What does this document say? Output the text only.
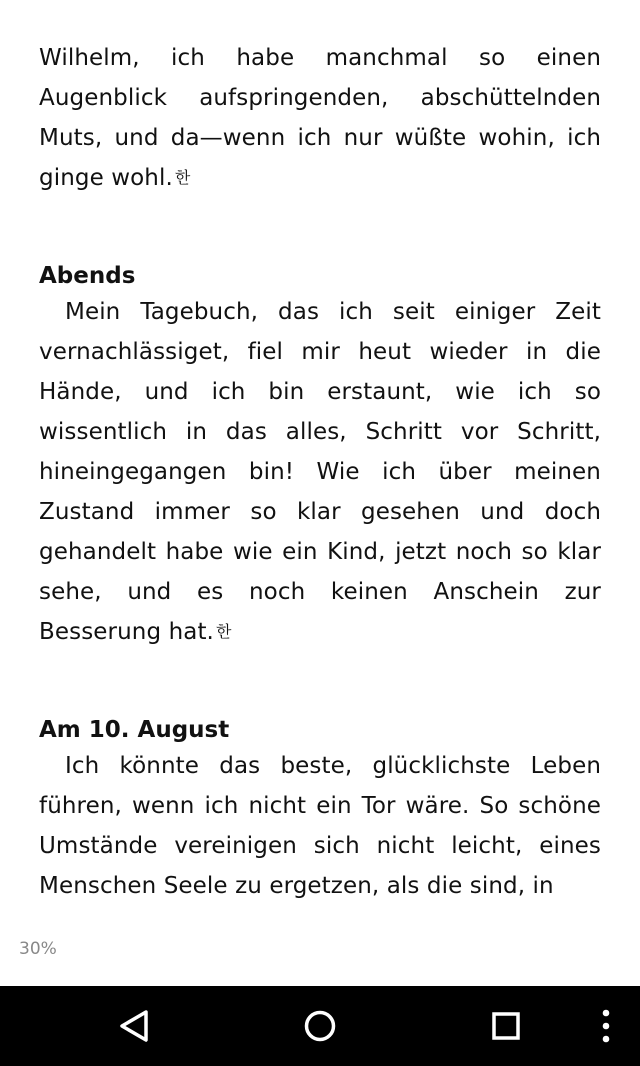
Wilhelm, ich habe manchmal so einen Augenblick aufspringenden, abschüttelnden Muts, und da—wenn ich nur wüßte wohin, ich ginge wohl. 한

Abends

Mein Tagebuch, das ich seit einiger Zeit vernachlässiget, fiel mir heut wieder in die Hände, und ich bin erstaunt, wie ich so wissentlich in das alles, Schritt vor Schritt, hineingegangen bin! Wie ich über meinen Zustand immer so klar gesehen und doch gehandelt habe wie ein Kind, jetzt noch so klar sehe, und es noch keinen Anschein zur Besserung hat. 한

Am 10. August

Ich könnte das beste, glücklichste Leben führen, wenn ich nicht ein Tor wäre. So schöne Umstände vereinigen sich nicht leicht, eines Menschen Seele zu ergetzen, als die sind, in

30%
